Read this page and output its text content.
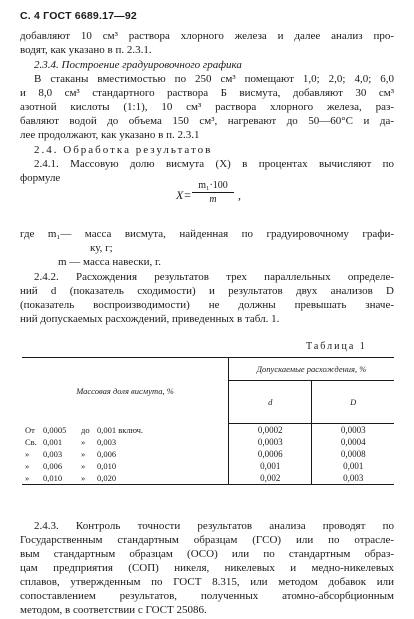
С. 4 ГОСТ 6689.17—92
добавляют 10 см³ раствора хлорного железа и далее анализ про-
водят, как указано в п. 2.3.1.
2.3.4. Построение градуировочного графика
В стаканы вместимостью по 250 см³ помещают 1,0; 2,0; 4,0; 6,0
и 8,0 см³ стандартного раствора Б висмута, добавляют 30 см³
азотной кислоты (1:1), 10 см³ раствора хлорного железа, раз-
бавляют водой до объема 150 см³, нагревают до 50—60°С и да-
лее продолжают, как указано в п. 2.3.1
2.4. Обработка результатов
2.4.1. Массовую долю висмута (X) в процентах вычисляют по
формуле
$X= \frac{\text{m₁·100}}{m}$ ,
где m₁— масса висмута, найденная по градуировочному графи-
ку, г;
m — масса навески, г.
2.4.2. Расхождения результатов трех параллельных определе-
ний d (показатель сходимости) и результатов двух анализов D
(показатель воспроизводимости) не должны превышать значе-
ний допускаемых расхождений, приведенных в табл. 1.
Таблица 1
Массовая доля висмута, %	Допускаемые расхождения, %	
	d	D
От 0,0005 до 0,001 включ.	0,0002	0,0003
Св. 0,001 » 0,003	0,0003	0,0004
» 0,003 » 0,006	0,0006	0,0008
» 0,006 » 0,010	0,001	0,001
» 0,010 » 0,020	0,002	0,003
2.4.3. Контроль точности результатов анализа проводят по
Государственным стандартным образцам (ГСО) или по отрасле-
вым стандартным образцам (ОСО) или по стандартным образ-
цам предприятия (СОП) никеля, никелевых и медно-никелевых
сплавов, утвержденным по ГОСТ 8.315, или методом добавок или
сопоставлением результатов, полученных атомно-абсорбционным
методом, в соответствии с ГОСТ 25086.
